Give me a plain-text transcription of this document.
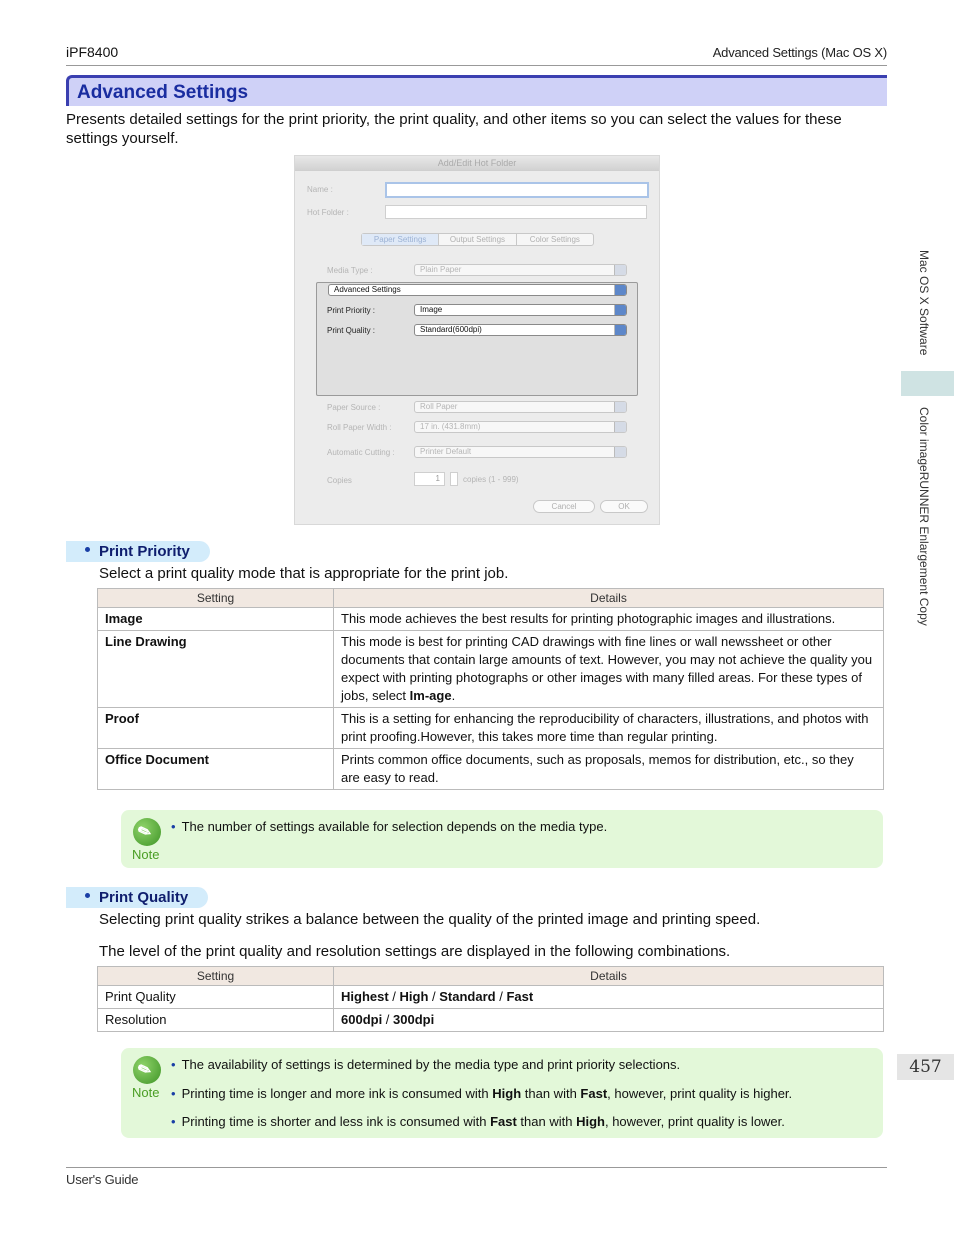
iPF8400	Advanced Settings (Mac OS X)
Advanced Settings
Presents detailed settings for the print priority, the print quality, and other items so you can select the values for these settings yourself.
Add/Edit Hot Folder
Name :
Hot Folder :
Paper Settings	Output Settings	Color Settings
Media Type :	Plain Paper
Advanced Settings
Print Priority :	Image
Print Quality :	Standard(600dpi)
Paper Source :	Roll Paper
Roll Paper Width :	17 in. (431.8mm)
Automatic Cutting :	Printer Default
Copies	1	copies (1 - 999)
Cancel	OK
Print Priority
Select a print quality mode that is appropriate for the print job.
Setting	Details
Image	This mode achieves the best results for printing photographic images and illustrations.
Line Drawing	This mode is best for printing CAD drawings with fine lines or wall newssheet or other documents that contain large amounts of text. However, you may not achieve the quality you expect with printing photographs or other images with many filled areas. For these types of jobs, select Im-age.
Proof	This is a setting for enhancing the reproducibility of characters, illustrations, and photos with print proofing.However, this takes more time than regular printing.
Office Document	Prints common office documents, such as proposals, memos for distribution, etc., so they are easy to read.
✎
Note
• The number of settings available for selection depends on the media type.
Print Quality
Selecting print quality strikes a balance between the quality of the printed image and printing speed.
The level of the print quality and resolution settings are displayed in the following combinations.
Setting	Details
Print Quality	Highest / High / Standard / Fast
Resolution	600dpi / 300dpi
✎
Note
• The availability of settings is determined by the media type and print priority selections.
• Printing time is longer and more ink is consumed with High than with Fast, however, print quality is higher.
• Printing time is shorter and less ink is consumed with Fast than with High, however, print quality is lower.
Mac OS X Software
Color imageRUNNER Enlargement Copy
457
User's Guide
